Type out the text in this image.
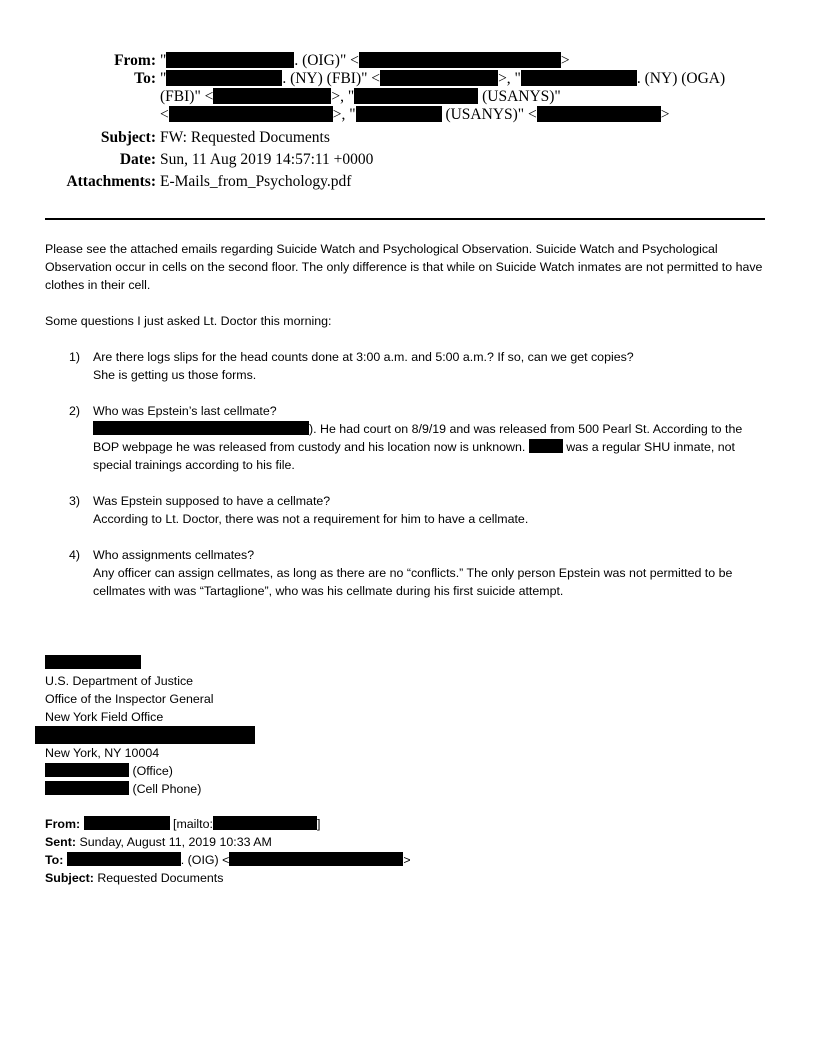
From: "	. (OIG)" <	>
To: "	. (NY) (FBI)" <	>, "	. (NY) (OGA)
(FBI)" <	>, "	(USANYS)"
<	>, "	(USANYS)" <	>
Subject: FW: Requested Documents
Date: Sun, 11 Aug 2019 14:57:11 +0000
Attachments: E-Mails_from_Psychology.pdf

Please see the attached emails regarding Suicide Watch and Psychological Observation. Suicide Watch and Psychological Observation occur in cells on the second floor. The only difference is that while on Suicide Watch inmates are not permitted to have clothes in their cell.

Some questions I just asked Lt. Doctor this morning:

1)	Are there logs slips for the head counts done at 3:00 a.m. and 5:00 a.m.? If so, can we get copies?

She is getting us those forms.

2)	Who was Epstein’s last cellmate?

). He had court on 8/9/19 and was released from 500 Pearl St. According to the BOP webpage he was released from custody and his location now is unknown.	was a regular SHU inmate, not special trainings according to his file.

3)	Was Epstein supposed to have a cellmate?

According to Lt. Doctor, there was not a requirement for him to have a cellmate.

4)	Who assignments cellmates?

Any officer can assign cellmates, as long as there are no “conflicts.” The only person Epstein was not permitted to be cellmates with was “Tartaglione”, who was his cellmate during his first suicide attempt.

U.S. Department of Justice
Office of the Inspector General
New York Field Office
New York, NY 10004
(Office)
(Cell Phone)
From:	[mailto:	]
Sent: Sunday, August 11, 2019 10:33 AM
To:	. (OIG) <	>
Subject: Requested Documents
